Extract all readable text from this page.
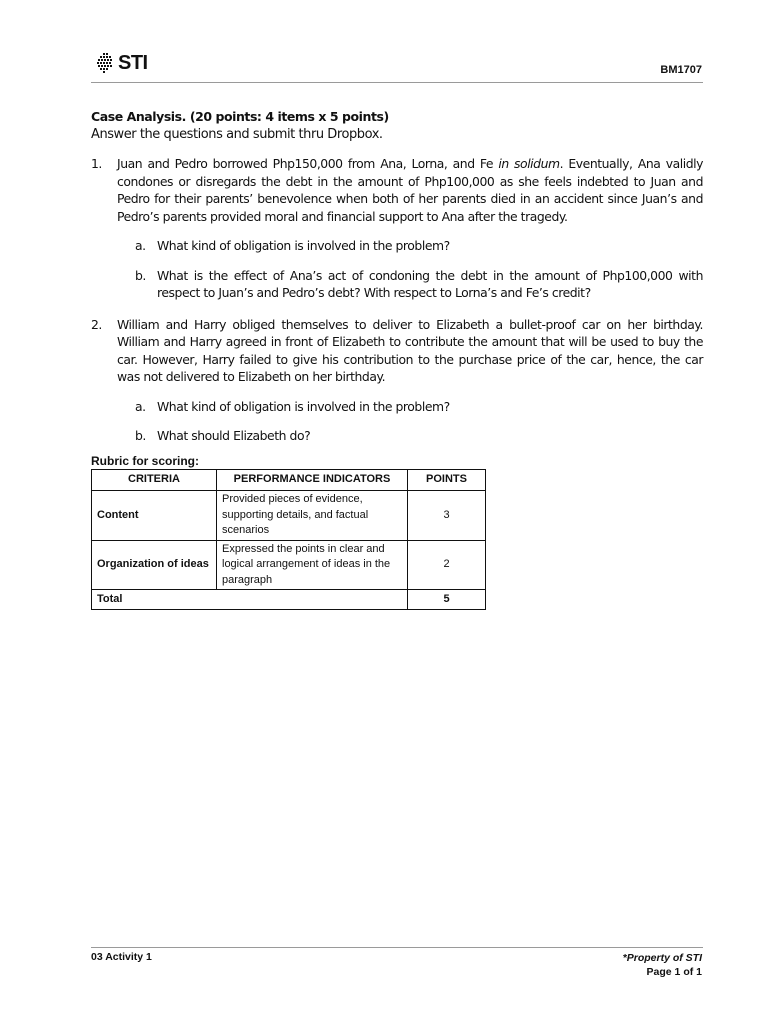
STI	BM1707

Case Analysis. (20 points: 4 items x 5 points)

Answer the questions and submit thru Dropbox.

1.	Juan and Pedro borrowed Php150,000 from Ana, Lorna, and Fe in solidum. Eventually, Ana validly condones or disregards the debt in the amount of Php100,000 as she feels indebted to Juan and Pedro for their parents’ benevolence when both of her parents died in an accident since Juan’s and Pedro’s parents provided moral and financial support to Ana after the tragedy.
a. What kind of obligation is involved in the problem?
b. What is the effect of Ana’s act of condoning the debt in the amount of Php100,000 with respect to Juan’s and Pedro’s debt? With respect to Lorna’s and Fe’s credit?
2.	William and Harry obliged themselves to deliver to Elizabeth a bullet-proof car on her birthday. William and Harry agreed in front of Elizabeth to contribute the amount that will be used to buy the car. However, Harry failed to give his contribution to the purchase price of the car, hence, the car was not delivered to Elizabeth on her birthday.
a. What kind of obligation is involved in the problem?
b. What should Elizabeth do?
Rubric for scoring:
CRITERIA	PERFORMANCE INDICATORS	POINTS
Content	Provided pieces of evidence, supporting details, and factual scenarios	3
Organization of ideas	Expressed the points in clear and logical arrangement of ideas in the paragraph	2
Total		5
03 Activity 1	*Property of STI
Page 1 of 1
